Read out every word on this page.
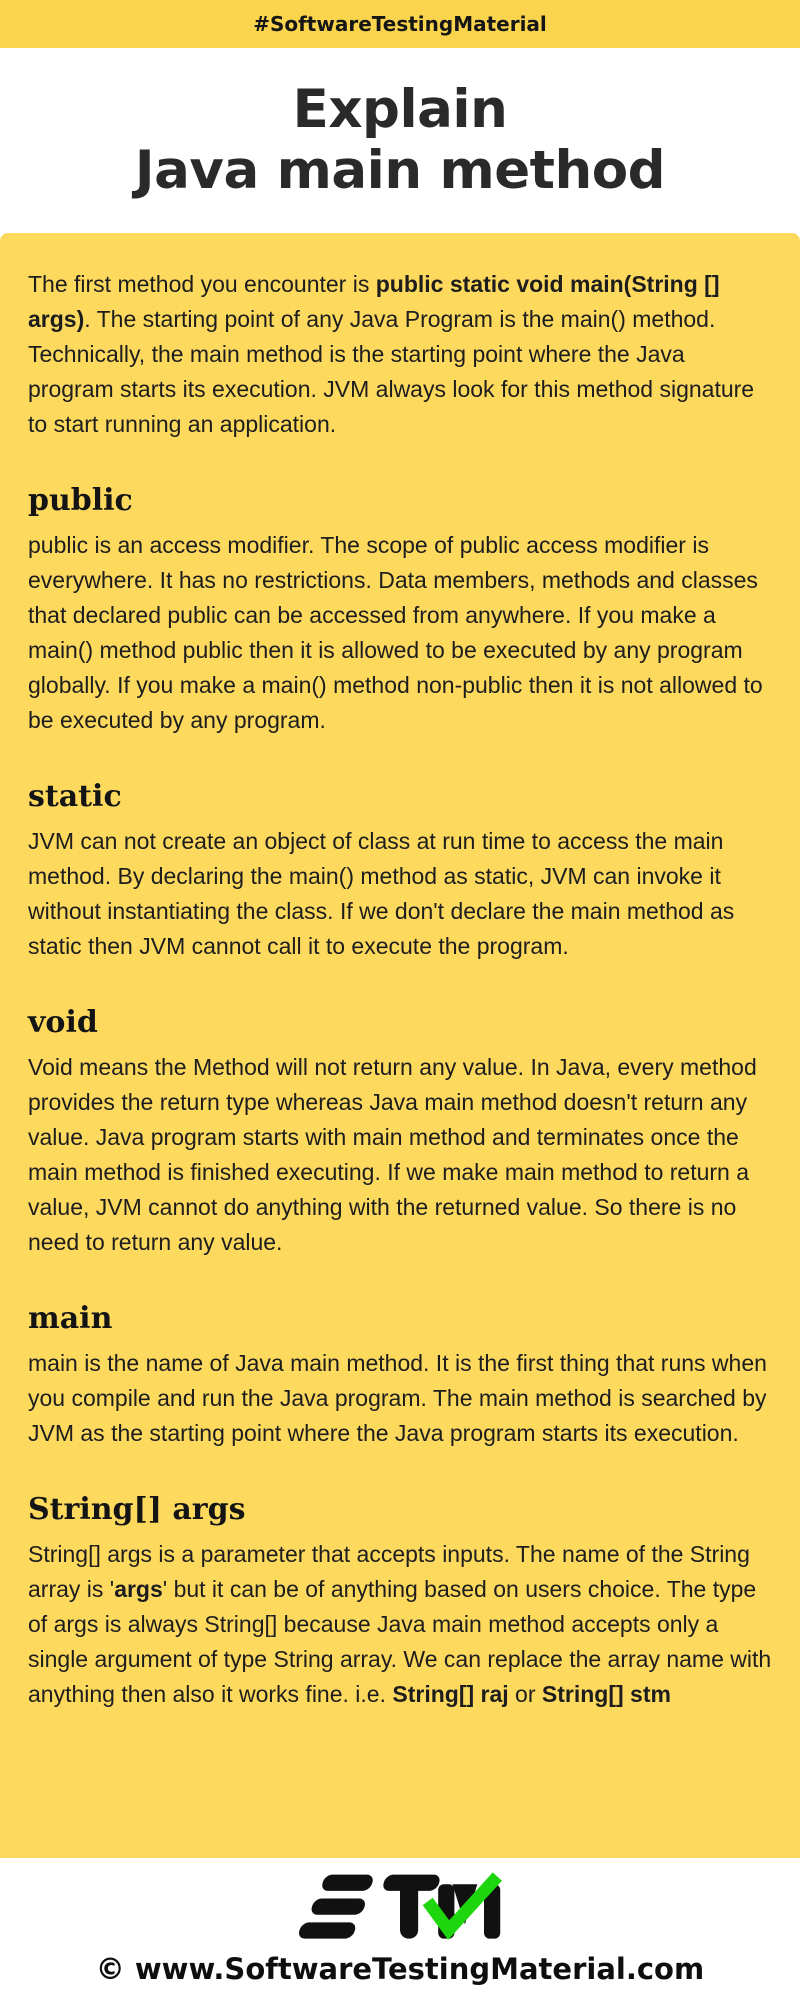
#SoftwareTestingMaterial
Explain
Java main method

The first method you encounter is public static void main(String [] args). The starting point of any Java Program is the main() method. Technically, the main method is the starting point where the Java program starts its execution. JVM always look for this method signature to start running an application.

public

public is an access modifier. The scope of public access modifier is everywhere. It has no restrictions. Data members, methods and classes that declared public can be accessed from anywhere. If you make a main() method public then it is allowed to be executed by any program globally. If you make a main() method non-public then it is not allowed to be executed by any program.

static

JVM can not create an object of class at run time to access the main method. By declaring the main() method as static, JVM can invoke it without instantiating the class. If we don't declare the main method as static then JVM cannot call it to execute the program.

void

Void means the Method will not return any value. In Java, every method provides the return type whereas Java main method doesn't return any value. Java program starts with main method and terminates once the main method is finished executing. If we make main method to return a value, JVM cannot do anything with the returned value. So there is no need to return any value.

main

main is the name of Java main method. It is the first thing that runs when you compile and run the Java program. The main method is searched by JVM as the starting point where the Java program starts its execution.

String[] args

String[] args is a parameter that accepts inputs. The name of the String array is 'args' but it can be of anything based on users choice. The type of args is always String[] because Java main method accepts only a single argument of type String array. We can replace the array name with anything then also it works fine. i.e. String[] raj or String[] stm

© www.SoftwareTestingMaterial.com
